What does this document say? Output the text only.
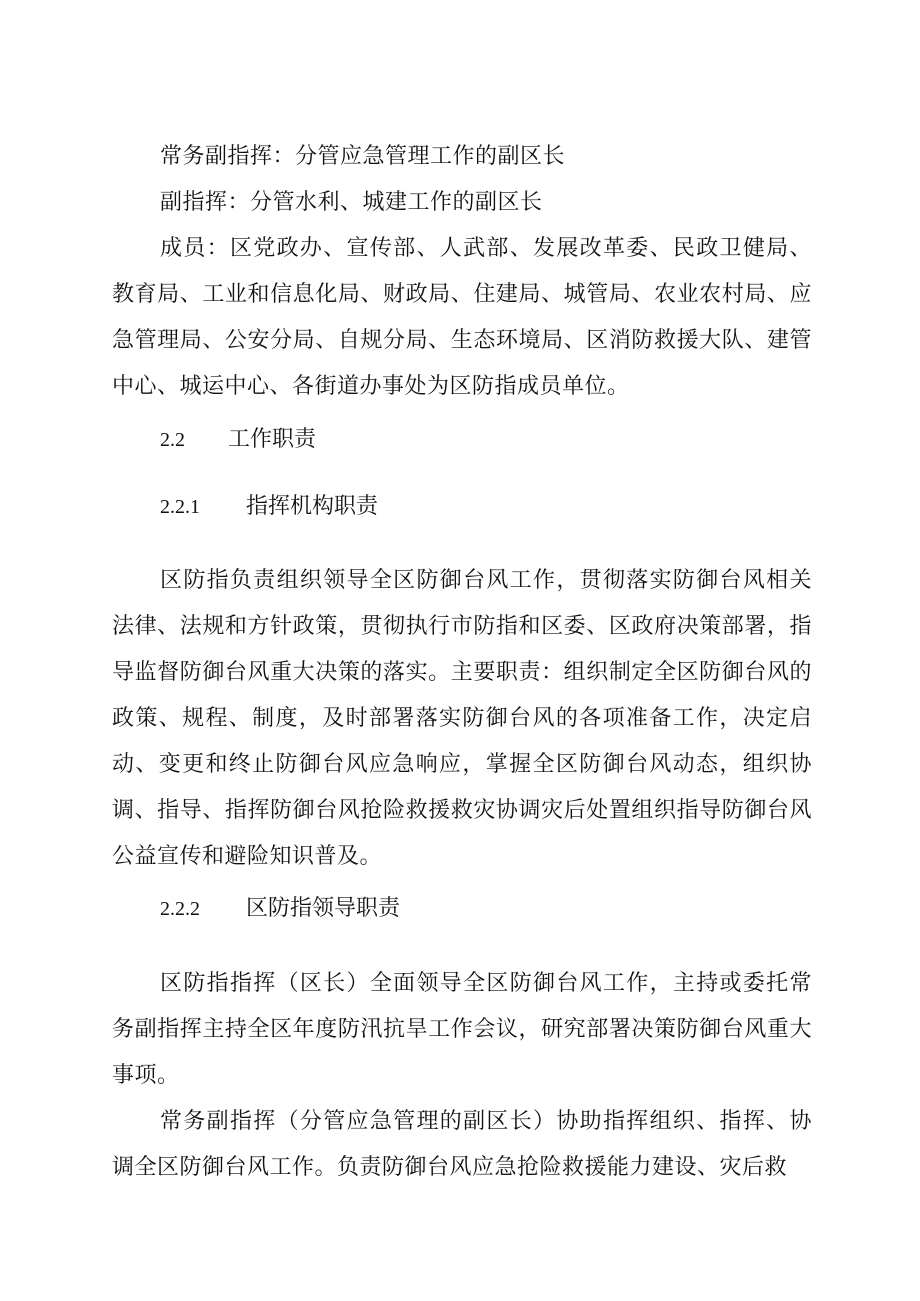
常务副指挥：分管应急管理工作的副区长

副指挥：分管水利、城建工作的副区长

成员：区党政办、宣传部、人武部、发展改革委、民政卫健局、教育局、工业和信息化局、财政局、住建局、城管局、农业农村局、应急管理局、公安分局、自规分局、生态环境局、区消防救援大队、建管中心、城运中心、各街道办事处为区防指成员单位。

2.2 工作职责
2.2.1 指挥机构职责

区防指负责组织领导全区防御台风工作，贯彻落实防御台风相关法律、法规和方针政策，贯彻执行市防指和区委、区政府决策部署，指导监督防御台风重大决策的落实。主要职责：组织制定全区防御台风的政策、规程、制度，及时部署落实防御台风的各项准备工作，决定启动、变更和终止防御台风应急响应，掌握全区防御台风动态，组织协调、指导、指挥防御台风抢险救援救灾协调灾后处置组织指导防御台风公益宣传和避险知识普及。

2.2.2 区防指领导职责

区防指指挥（区长）全面领导全区防御台风工作，主持或委托常务副指挥主持全区年度防汛抗旱工作会议，研究部署决策防御台风重大事项。

常务副指挥（分管应急管理的副区长）协助指挥组织、指挥、协调全区防御台风工作。负责防御台风应急抢险救援能力建设、灾后救
